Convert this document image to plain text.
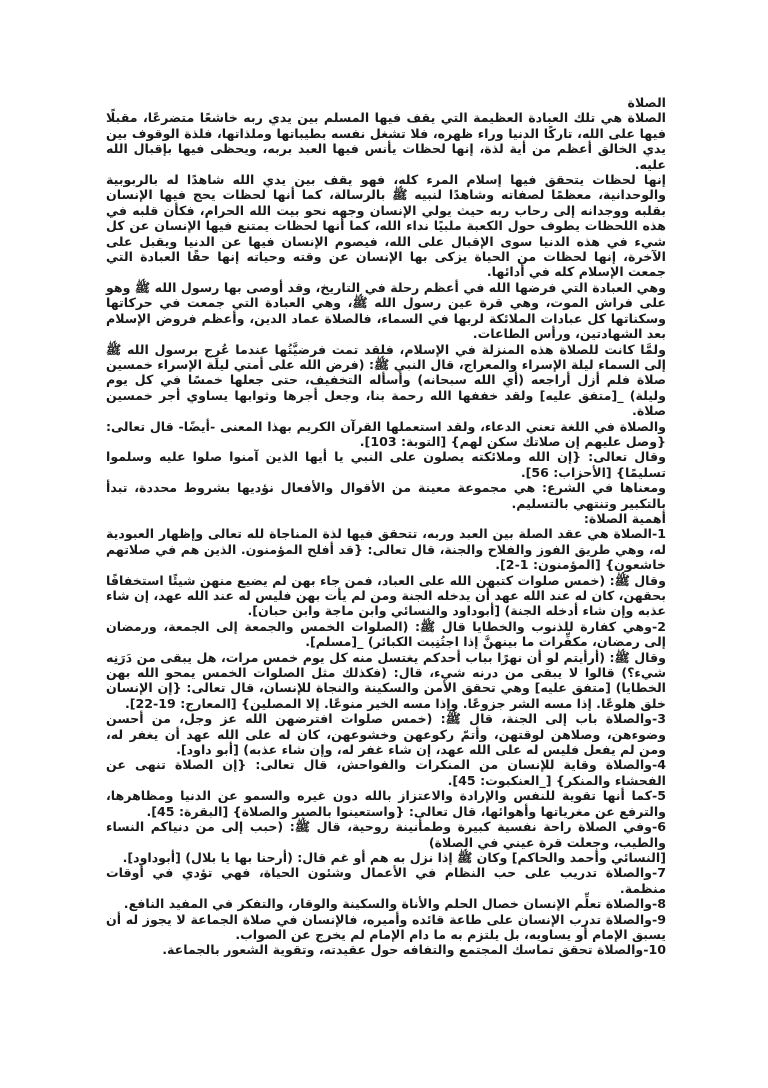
الصلاة

الصلاة هي تلك العبادة العظيمة التي يقف فيها المسلم بين يدي ربه خاشعًا متضرعًا، مقبلًا فيها على الله، تاركًا الدنيا وراء ظهره، فلا تشغل نفسه بطيباتها وملذاتها، فلذة الوقوف بين يدي الخالق أعظم من أية لذة، إنها لحظات يأنس فيها العبد بربه، ويحظى فيها بإقبال الله عليه.

إنها لحظات يتحقق فيها إسلام المرء كله، فهو يقف بين يدي الله شاهدًا له بالربوبية والوحدانية، معظمًا لصفاته وشاهدًا لنبيه ﷺ بالرسالة، كما أنها لحظات يحج فيها الإنسان بقلبه ووجدانه إلى رحاب ربه حيث يولي الإنسان وجهه نحو بيت الله الحرام، فكأن قلبه في هذه اللحظات يطوف حول الكعبة ملبيًا نداء الله، كما أنها لحظات يمتنع فيها الإنسان عن كل شيء في هذه الدنيا سوى الإقبال على الله، فيصوم الإنسان فيها عن الدنيا ويقبل على الآخرة، إنها لحظات من الحياة يزكى بها الإنسان عن وقته وحياته إنها حقًا العبادة التي جمعت الإسلام كله في أدائها.

وهي العبادة التي فرضها الله في أعظم رحلة في التاريخ، وقد أوصى بها رسول الله ﷺ وهو على فراش الموت، وهي قرة عين رسول الله ﷺ، وهي العبادة التي جمعت في حركاتها وسكناتها كل عبادات الملائكة لربها في السماء، فالصلاة عماد الدين، وأعظم فروض الإسلام بعد الشهادتين، ورأس الطاعات.

ولمَّا كانت للصلاة هذه المنزلة في الإسلام، فلقد تمت فرضيَّتُها عندما عُرِج برسول الله ﷺ إلى السماء ليلة الإسراء والمعراج، قال النبي ﷺ: (فرض الله على أمتي ليلة الإسراء خمسين صلاة فلم أزل أراجعه (أي الله سبحانه) وأسأله التخفيف، حتى جعلها خمسًا في كل يوم وليلة) _[متفق عليه] ولقد خففها الله رحمة بنا، وجعل أجرها وثوابها يساوي أجر خمسين صلاة.

والصلاة في اللغة تعني الدعاء، ولقد استعملها القرآن الكريم بهذا المعنى -أيضًا- قال تعالى: {وصل عليهم إن صلاتك سكن لهم} [التوبة: 103].

وقال تعالى: {إن الله وملائكته يصلون على النبي يا أيها الذين آمنوا صلوا عليه وسلموا تسليمًا} [الأحزاب: 56].

ومعناها في الشرع: هي مجموعة معينة من الأقوال والأفعال نؤديها بشروط محددة، تبدأ بالتكبير وتنتهي بالتسليم.

أهمية الصلاة:

1-الصلاة هي عقد الصلة بين العبد وربه، تتحقق فيها لذة المناجاة لله تعالى وإظهار العبودية له، وهي طريق الفوز والفلاح والجنة، قال تعالى: {قد أفلح المؤمنون. الذين هم في صلاتهم خاشعون} [المؤمنون: 1-2].

وقال ﷺ: (خمس صلوات كتبهن الله على العباد، فمن جاء بهن لم يضيع منهن شيئًا استخفافًا بحقهن، كان له عند الله عهد أن يدخله الجنة ومن لم يأت بهن فليس له عند الله عهد، إن شاء عذبه وإن شاء أدخله الجنة) [أبوداود والنسائي وابن ماجة وابن حبان].

2-وهي كفارة للذنوب والخطايا قال ﷺ: (الصلوات الخمس والجمعة إلى الجمعة، ورمضان إلى رمضان، مكفِّرات ما بينهنَّ إذا اجتُنِبت الكبائر) _[مسلم].

وقال ﷺ: (أرأيتم لو أن نهرًا بباب أحدكم يغتسل منه كل يوم خمس مرات، هل يبقى من دَرَنِه شيء؟) قالوا لا يبقى من درنه شيء، قال: (فكذلك مثل الصلوات الخمس يمحو الله بهن الخطايا) [متفق عليه] وهي تحقق الأمن والسكينة والنجاة للإنسان، قال تعالى: {إن الإنسان خلق هلوعًا. إذا مسه الشر جزوعًا. وإذا مسه الخير منوعًا. إلا المصلين} [المعارج: 19-22].

3-والصلاة باب إلى الجنة، قال ﷺ: (خمس صلوات افترضهن الله عز وجل، من أحسن وضوءهن، وصلاهن لوقتهن، وأتمّ ركوعهن وخشوعهن، كان له على الله عهد أن يغفر له، ومن لم يفعل فليس له على الله عهد، إن شاء غفر له، وإن شاء عذبه) [أبو داود].

4-والصلاة وقاية للإنسان من المنكرات والفواحش، قال تعالى: {إن الصلاة تنهى عن الفحشاء والمنكر} [_العنكبوت: 45].

5-كما أنها تقوية للنفس والإرادة والاعتزاز بالله دون غيره والسمو عن الدنيا ومظاهرها، والترفع عن مغرياتها وأهوائها، قال تعالى: {واستعينوا بالصبر والصلاة} [البقرة: 45].

6-وفي الصلاة راحة نفسية كبيرة وطمأنينة روحية، قال ﷺ: (حبب إلى من دنياكم النساء والطيب، وجعلت قرة عيني في الصلاة)

[النسائي وأحمد والحاكم] وكان ﷺ إذا نزل به هم أو غم قال: (أرحنا بها يا بلال) [أبوداود].

7-والصلاة تدريب على حب النظام في الأعمال وشئون الحياة، فهي تؤدي في أوقات منظمة.

8-والصلاة تعلِّم الإنسان خصال الحلم والأناة والسكينة والوقار، والتفكر في المفيد النافع.

9-والصلاة تدرب الإنسان على طاعة قائده وأميره، فالإنسان في صلاة الجماعة لا يجوز له أن يسبق الإمام أو يساويه، بل يلتزم به ما دام الإمام لم يخرج عن الصواب.

10-والصلاة تحقق تماسك المجتمع والتفافه حول عقيدته، وتقوية الشعور بالجماعة.
